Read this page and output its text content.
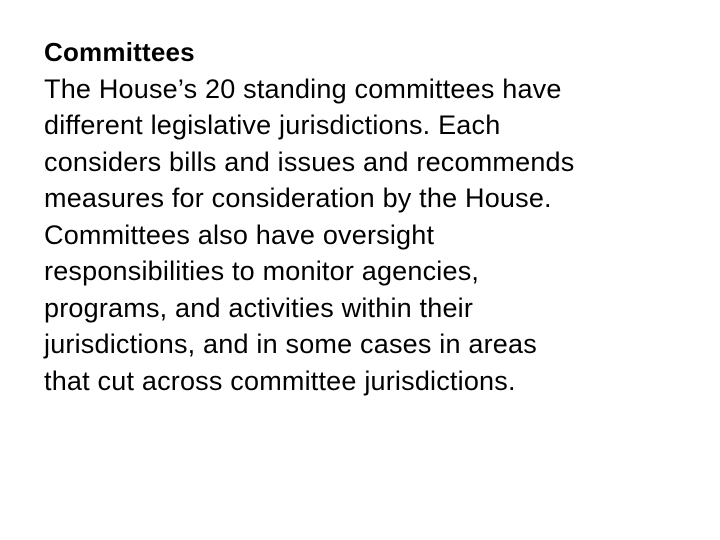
Committees
The House’s 20 standing committees have
different legislative jurisdictions. Each
considers bills and issues and recommends
measures for consideration by the House.
Committees also have oversight
responsibilities to monitor agencies,
programs, and activities within their
jurisdictions, and in some cases in areas
that cut across committee jurisdictions.
